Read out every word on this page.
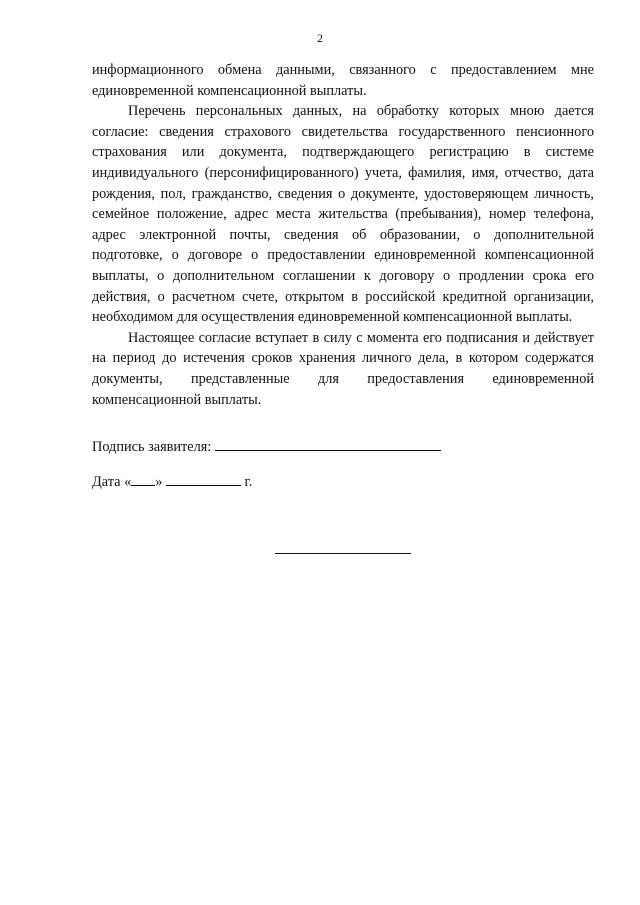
2

информационного обмена данными, связанного с предоставлением мне единовременной компенсационной выплаты.

Перечень персональных данных, на обработку которых мною дается согласие: сведения страхового свидетельства государственного пенсионного страхования или документа, подтверждающего регистрацию в системе индивидуального (персонифицированного) учета, фамилия, имя, отчество, дата рождения, пол, гражданство, сведения о документе, удостоверяющем личность, семейное положение, адрес места жительства (пребывания), номер телефона, адрес электронной почты, сведения об образовании, о дополнительной подготовке, о договоре о предоставлении единовременной компенсационной выплаты, о дополнительном соглашении к договору о продлении срока его действия, о расчетном счете, открытом в российской кредитной организации, необходимом для осуществления единовременной компенсационной выплаты.

Настоящее согласие вступает в силу с момента его подписания и действует на период до истечения сроков хранения личного дела, в котором содержатся документы, представленные для предоставления единовременной компенсационной выплаты.

Подпись заявителя:
Дата « »	г.
